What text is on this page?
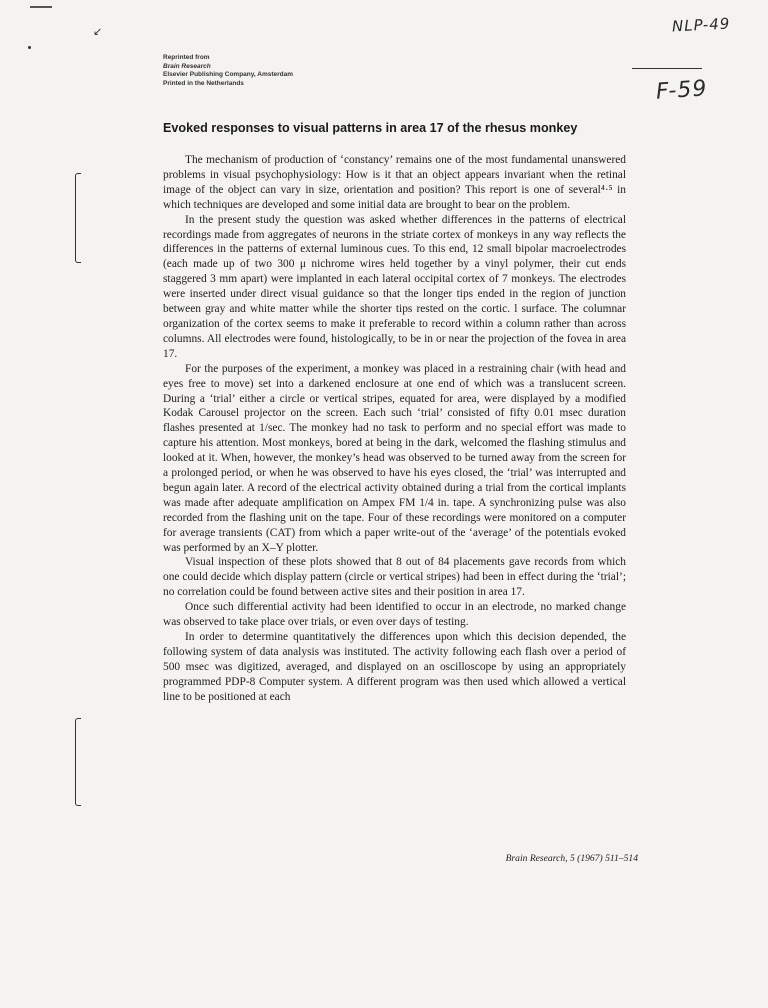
↙	NLP-49
F-59
Reprinted from
Brain Research
Elsevier Publishing Company, Amsterdam
Printed in the Netherlands
Evoked responses to visual patterns in area 17 of the rhesus monkey

The mechanism of production of ‘constancy’ remains one of the most fundamental unanswered problems in visual psychophysiology: How is it that an object appears invariant when the retinal image of the object can vary in size, orientation and position? This report is one of several⁴·⁵ in which techniques are developed and some initial data are brought to bear on the problem.

In the present study the question was asked whether differences in the patterns of electrical recordings made from aggregates of neurons in the striate cortex of monkeys in any way reflects the differences in the patterns of external luminous cues. To this end, 12 small bipolar macroelectrodes (each made up of two 300 μ nichrome wires held together by a vinyl polymer, their cut ends staggered 3 mm apart) were implanted in each lateral occipital cortex of 7 monkeys. The electrodes were inserted under direct visual guidance so that the longer tips ended in the region of junction between gray and white matter while the shorter tips rested on the cortic. l surface. The columnar organization of the cortex seems to make it preferable to record within a column rather than across columns. All electrodes were found, histologically, to be in or near the projection of the fovea in area 17.

For the purposes of the experiment, a monkey was placed in a restraining chair (with head and eyes free to move) set into a darkened enclosure at one end of which was a translucent screen. During a ‘trial’ either a circle or vertical stripes, equated for area, were displayed by a modified Kodak Carousel projector on the screen. Each such ‘trial’ consisted of fifty 0.01 msec duration flashes presented at 1/sec. The monkey had no task to perform and no special effort was made to capture his attention. Most monkeys, bored at being in the dark, welcomed the flashing stimulus and looked at it. When, however, the monkey’s head was observed to be turned away from the screen for a prolonged period, or when he was observed to have his eyes closed, the ‘trial’ was interrupted and begun again later. A record of the electrical activity obtained during a trial from the cortical implants was made after adequate amplification on Ampex FM 1/4 in. tape. A synchronizing pulse was also recorded from the flashing unit on the tape. Four of these recordings were monitored on a computer for average transients (CAT) from which a paper write-out of the ‘average’ of the potentials evoked was performed by an X–Y plotter.

Visual inspection of these plots showed that 8 out of 84 placements gave records from which one could decide which display pattern (circle or vertical stripes) had been in effect during the ‘trial’; no correlation could be found between active sites and their position in area 17.

Once such differential activity had been identified to occur in an electrode, no marked change was observed to take place over trials, or even over days of testing.

In order to determine quantitatively the differences upon which this decision depended, the following system of data analysis was instituted. The activity following each flash over a period of 500 msec was digitized, averaged, and displayed on an oscilloscope by using an appropriately programmed PDP-8 Computer system. A different program was then used which allowed a vertical line to be positioned at each

Brain Research, 5 (1967) 511–514
